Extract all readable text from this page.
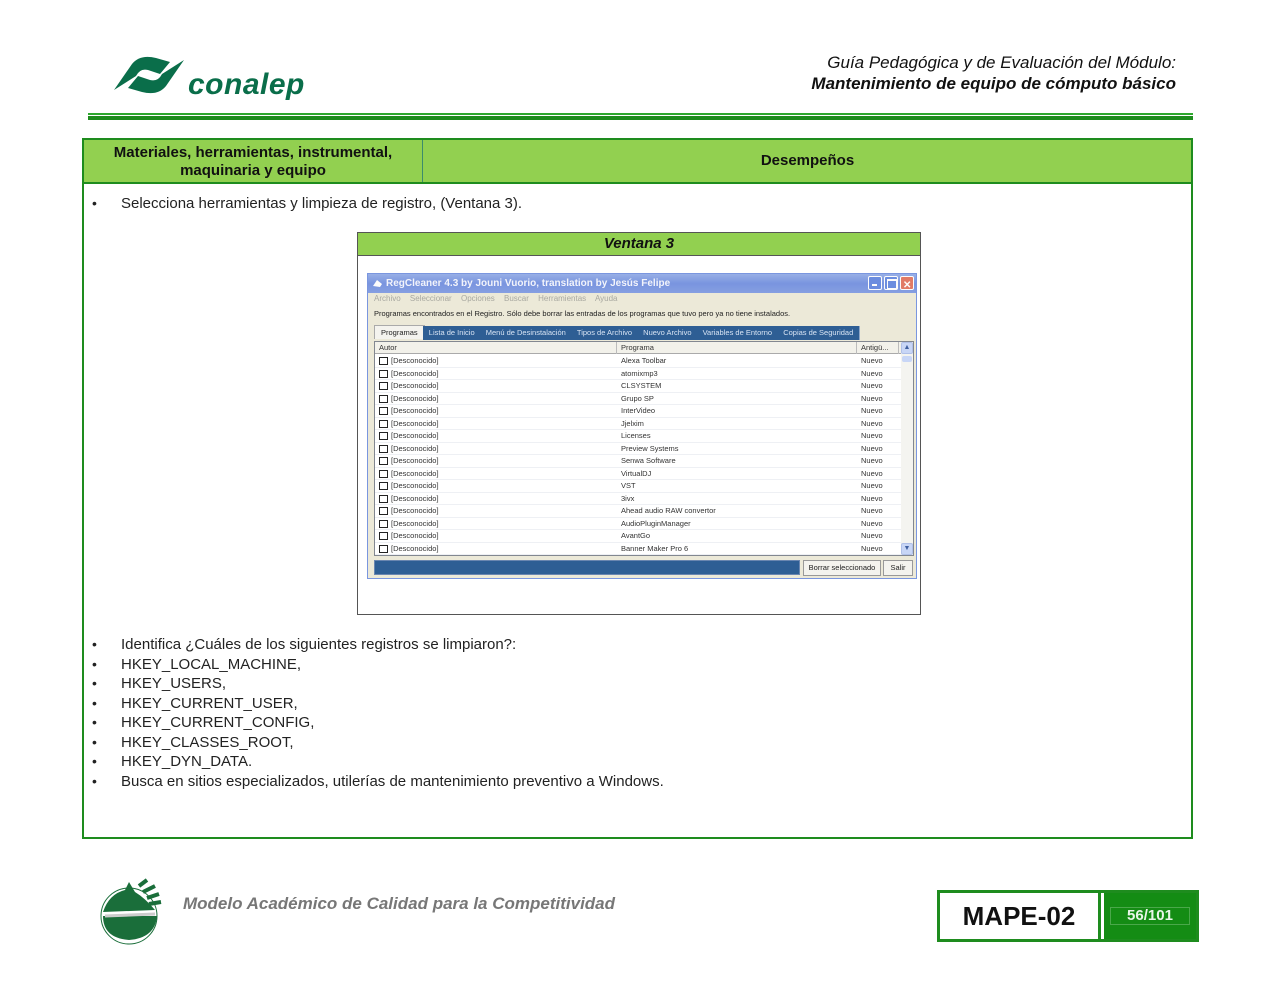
conalep
Guía Pedagógica y de Evaluación del Módulo:
Mantenimiento de equipo de cómputo básico
Materiales, herramientas, instrumental, maquinaria y equipo
Desempeños
• Selecciona herramientas y limpieza de registro, (Ventana 3).
Ventana 3
RegCleaner 4.3 by Jouni Vuorio, translation by Jesús Felipe
✕
Archivo Seleccionar Opciones Buscar Herramientas Ayuda
Programas encontrados en el Registro. Sólo debe borrar las entradas de los programas que tuvo pero ya no tiene instalados.
Programas Lista de Inicio Menú de Desinstalación Tipos de Archivo Nuevo Archivo Variables de Entorno Copias de Seguridad
Autor	Programa	Antigü...
[Desconocido]	Alexa Toolbar	Nuevo
[Desconocido]	atomixmp3	Nuevo
[Desconocido]	CLSYSTEM	Nuevo
[Desconocido]	Grupo SP	Nuevo
[Desconocido]	InterVideo	Nuevo
[Desconocido]	Jjelxim	Nuevo
[Desconocido]	Licenses	Nuevo
[Desconocido]	Preview Systems	Nuevo
[Desconocido]	Senwa Software	Nuevo
[Desconocido]	VirtualDJ	Nuevo
[Desconocido]	VST	Nuevo
[Desconocido]	3ivx	Nuevo
[Desconocido]	Ahead audio RAW convertor	Nuevo
[Desconocido]	AudioPluginManager	Nuevo
[Desconocido]	AvantGo	Nuevo
[Desconocido]	Banner Maker Pro 6	Nuevo
▲
▼
Borrar seleccionado	Salir
• Identifica ¿Cuáles de los siguientes registros se limpiaron?:
• HKEY_LOCAL_MACHINE,
• HKEY_USERS,
• HKEY_CURRENT_USER,
• HKEY_CURRENT_CONFIG,
• HKEY_CLASSES_ROOT,
• HKEY_DYN_DATA.
• Busca en sitios especializados, utilerías de mantenimiento preventivo a Windows.
Modelo Académico de Calidad para la Competitividad	MAPE-02	56/101
